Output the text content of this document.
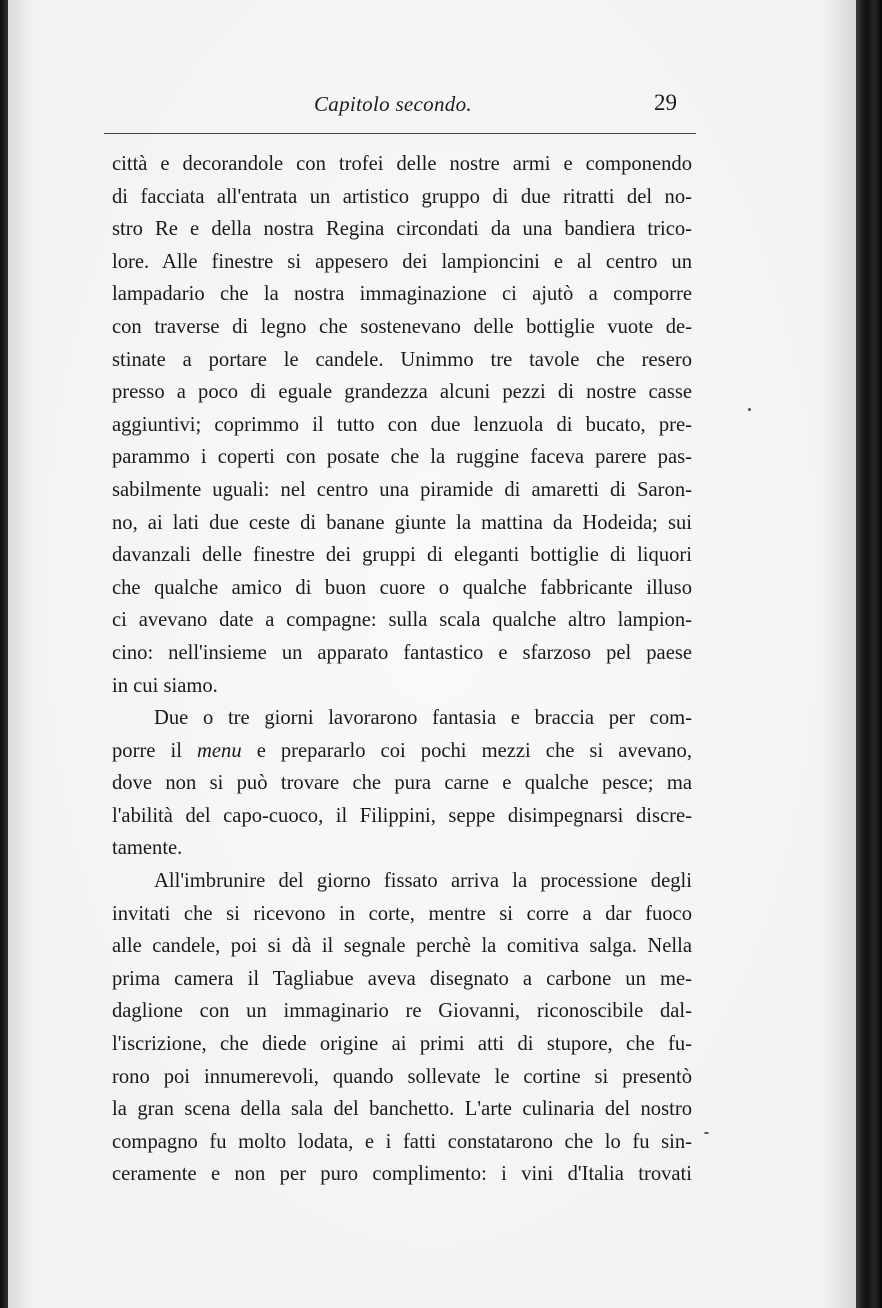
Capitolo secondo.	29
città e decorandole con trofei delle nostre armi e componendo
di facciata all'entrata un artistico gruppo di due ritratti del no-
stro Re e della nostra Regina circondati da una bandiera trico-
lore. Alle finestre si appesero dei lampioncini e al centro un
lampadario che la nostra immaginazione ci ajutò a comporre
con traverse di legno che sostenevano delle bottiglie vuote de-
stinate a portare le candele. Unimmo tre tavole che resero
presso a poco di eguale grandezza alcuni pezzi di nostre casse
aggiuntivi; coprimmo il tutto con due lenzuola di bucato, pre-
parammo i coperti con posate che la ruggine faceva parere pas-
sabilmente uguali: nel centro una piramide di amaretti di Saron-
no, ai lati due ceste di banane giunte la mattina da Hodeida; sui
davanzali delle finestre dei gruppi di eleganti bottiglie di liquori
che qualche amico di buon cuore o qualche fabbricante illuso
ci avevano date a compagne: sulla scala qualche altro lampion-
cino: nell'insieme un apparato fantastico e sfarzoso pel paese
in cui siamo.
Due o tre giorni lavorarono fantasia e braccia per com-
porre il menu e prepararlo coi pochi mezzi che si avevano,
dove non si può trovare che pura carne e qualche pesce; ma
l'abilità del capo-cuoco, il Filippini, seppe disimpegnarsi discre-
tamente.
All'imbrunire del giorno fissato arriva la processione degli
invitati che si ricevono in corte, mentre si corre a dar fuoco
alle candele, poi si dà il segnale perchè la comitiva salga. Nella
prima camera il Tagliabue aveva disegnato a carbone un me-
daglione con un immaginario re Giovanni, riconoscibile dal-
l'iscrizione, che diede origine ai primi atti di stupore, che fu-
rono poi innumerevoli, quando sollevate le cortine si presentò
la gran scena della sala del banchetto. L'arte culinaria del nostro
compagno fu molto lodata, e i fatti constatarono che lo fu sin-
ceramente e non per puro complimento: i vini d'Italia trovati
